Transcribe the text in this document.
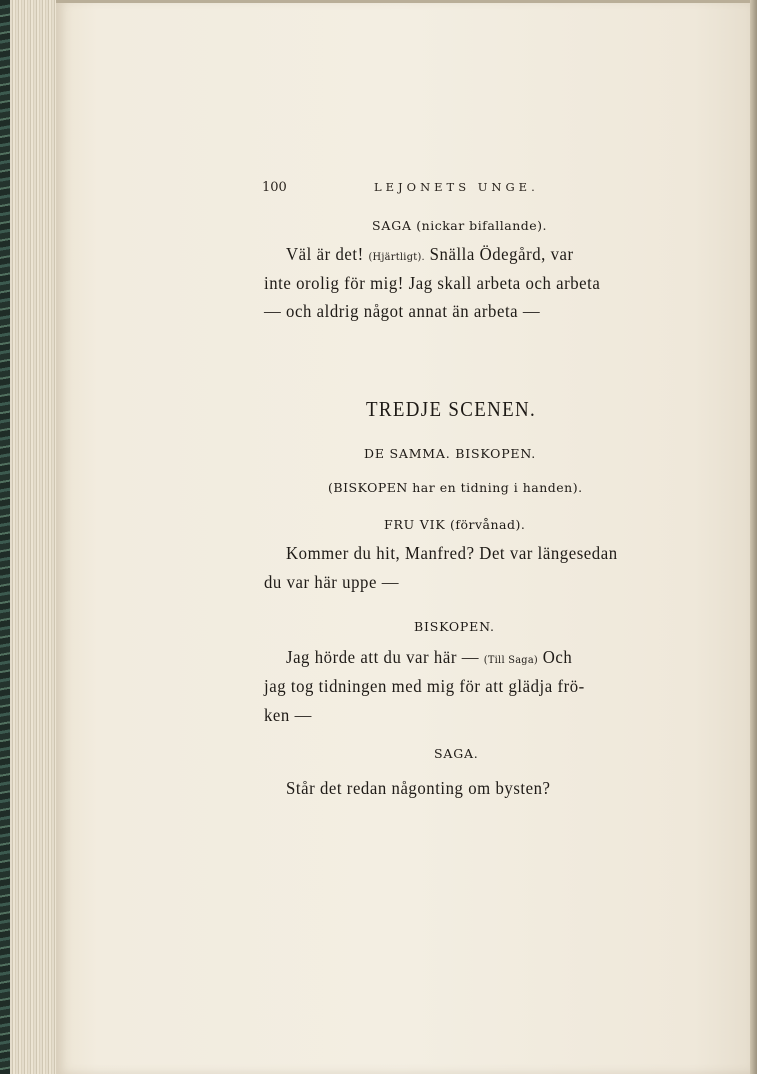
100	LEJONETS UNGE.
SAGA (nickar bifallande).
Väl är det! (Hjärtligt). Snälla Ödegård, var
inte orolig för mig! Jag skall arbeta och arbeta
— och aldrig något annat än arbeta —
TREDJE SCENEN.
DE SAMMA. BISKOPEN.
(BISKOPEN har en tidning i handen).
FRU VIK (förvånad).
Kommer du hit, Manfred? Det var längesedan
du var här uppe —
BISKOPEN.
Jag hörde att du var här — (Till Saga) Och
jag tog tidningen med mig för att glädja frö-
ken —
SAGA.
Står det redan någonting om bysten?
